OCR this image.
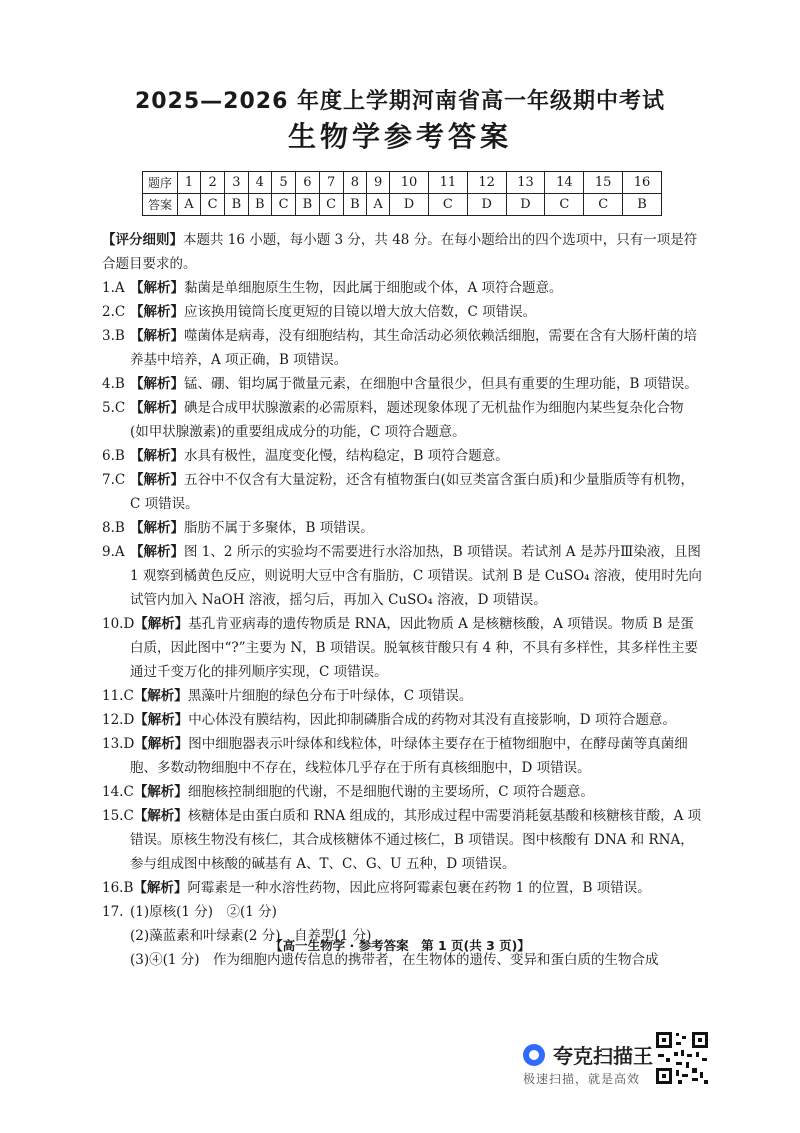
2025—2026 年度上学期河南省高一年级期中考试
生物学参考答案
题序	1	2	3	4	5	6	7	8	9	10	11	12	13	14	15	16
答案	A	C	B	B	C	B	C	B	A	D	C	D	D	C	C	B

【评分细则】本题共 16 小题，每小题 3 分，共 48 分。在每小题给出的四个选项中，只有一项是符合题目要求的。

1.A 【解析】黏菌是单细胞原生生物，因此属于细胞或个体，A 项符合题意。

2.C 【解析】应该换用镜筒长度更短的目镜以增大放大倍数，C 项错误。

3.B 【解析】噬菌体是病毒，没有细胞结构，其生命活动必须依赖活细胞，需要在含有大肠杆菌的培养基中培养，A 项正确，B 项错误。

4.B 【解析】锰、硼、钼均属于微量元素，在细胞中含量很少，但具有重要的生理功能，B 项错误。

5.C 【解析】碘是合成甲状腺激素的必需原料，题述现象体现了无机盐作为细胞内某些复杂化合物(如甲状腺激素)的重要组成成分的功能，C 项符合题意。

6.B 【解析】水具有极性，温度变化慢，结构稳定，B 项符合题意。

7.C 【解析】五谷中不仅含有大量淀粉，还含有植物蛋白(如豆类富含蛋白质)和少量脂质等有机物，C 项错误。

8.B 【解析】脂肪不属于多聚体，B 项错误。

9.A 【解析】图 1、2 所示的实验均不需要进行水浴加热，B 项错误。若试剂 A 是苏丹Ⅲ染液，且图 1 观察到橘黄色反应，则说明大豆中含有脂肪，C 项错误。试剂 B 是 CuSO₄ 溶液，使用时先向试管内加入 NaOH 溶液，摇匀后，再加入 CuSO₄ 溶液，D 项错误。

10.D【解析】基孔肯亚病毒的遗传物质是 RNA，因此物质 A 是核糖核酸，A 项错误。物质 B 是蛋白质，因此图中“?”主要为 N，B 项错误。脱氧核苷酸只有 4 种，不具有多样性，其多样性主要通过千变万化的排列顺序实现，C 项错误。

11.C【解析】黑藻叶片细胞的绿色分布于叶绿体，C 项错误。

12.D【解析】中心体没有膜结构，因此抑制磷脂合成的药物对其没有直接影响，D 项符合题意。

13.D【解析】图中细胞器表示叶绿体和线粒体，叶绿体主要存在于植物细胞中，在酵母菌等真菌细胞、多数动物细胞中不存在，线粒体几乎存在于所有真核细胞中，D 项错误。

14.C【解析】细胞核控制细胞的代谢，不是细胞代谢的主要场所，C 项符合题意。

15.C【解析】核糖体是由蛋白质和 RNA 组成的，其形成过程中需要消耗氨基酸和核糖核苷酸，A 项错误。原核生物没有核仁，其合成核糖体不通过核仁，B 项错误。图中核酸有 DNA 和 RNA，参与组成图中核酸的碱基有 A、T、C、G、U 五种，D 项错误。

16.B【解析】阿霉素是一种水溶性药物，因此应将阿霉素包裹在药物 1 的位置，B 项错误。

17. (1)原核(1 分)　②(1 分)

(2)藻蓝素和叶绿素(2 分)　自养型(1 分)

(3)④(1 分)　作为细胞内遗传信息的携带者，在生物体的遗传、变异和蛋白质的生物合成

【高一生物学 · 参考答案　第 1 页(共 3 页)】
夸克扫描王
极速扫描，就是高效
